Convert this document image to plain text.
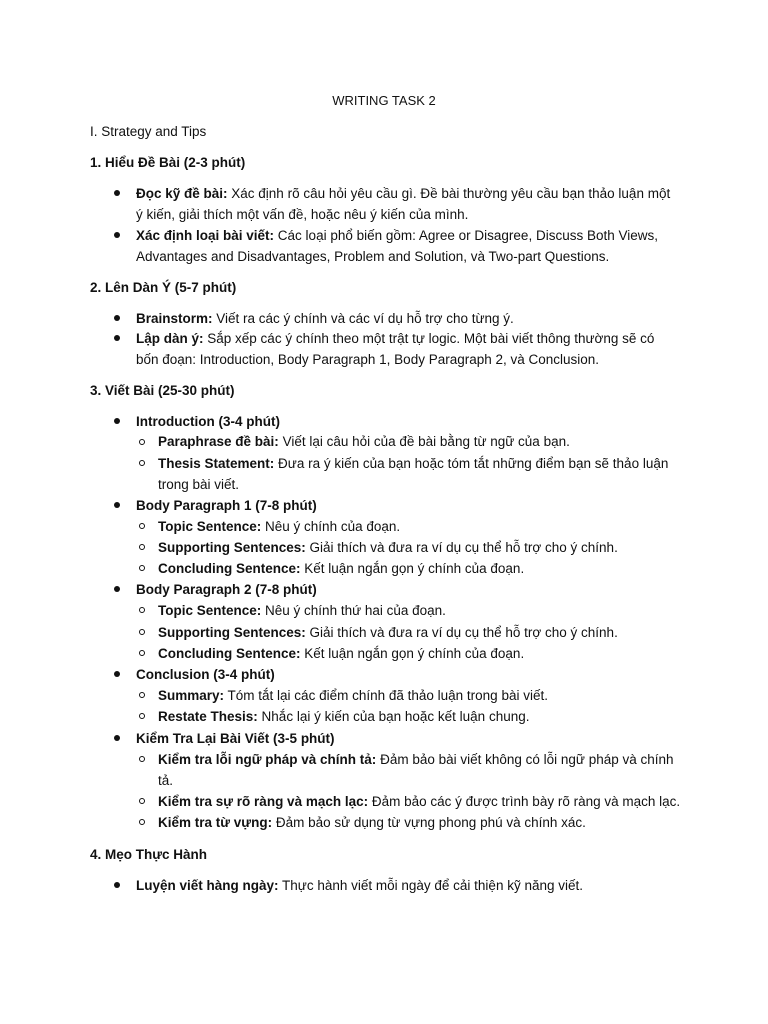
WRITING TASK 2
I. Strategy and Tips
1. Hiểu Đề Bài (2-3 phút)
Đọc kỹ đề bài: Xác định rõ câu hỏi yêu cầu gì. Đề bài thường yêu cầu bạn thảo luận một
ý kiến, giải thích một vấn đề, hoặc nêu ý kiến của mình.
Xác định loại bài viết: Các loại phổ biến gồm: Agree or Disagree, Discuss Both Views,
Advantages and Disadvantages, Problem and Solution, và Two-part Questions.
2. Lên Dàn Ý (5-7 phút)
Brainstorm: Viết ra các ý chính và các ví dụ hỗ trợ cho từng ý.
Lập dàn ý: Sắp xếp các ý chính theo một trật tự logic. Một bài viết thông thường sẽ có
bốn đoạn: Introduction, Body Paragraph 1, Body Paragraph 2, và Conclusion.
3. Viết Bài (25-30 phút)
Introduction (3-4 phút)
Paraphrase đề bài: Viết lại câu hỏi của đề bài bằng từ ngữ của bạn.
Thesis Statement: Đưa ra ý kiến của bạn hoặc tóm tắt những điểm bạn sẽ thảo luận
trong bài viết.
Body Paragraph 1 (7-8 phút)
Topic Sentence: Nêu ý chính của đoạn.
Supporting Sentences: Giải thích và đưa ra ví dụ cụ thể hỗ trợ cho ý chính.
Concluding Sentence: Kết luận ngắn gọn ý chính của đoạn.
Body Paragraph 2 (7-8 phút)
Topic Sentence: Nêu ý chính thứ hai của đoạn.
Supporting Sentences: Giải thích và đưa ra ví dụ cụ thể hỗ trợ cho ý chính.
Concluding Sentence: Kết luận ngắn gọn ý chính của đoạn.
Conclusion (3-4 phút)
Summary: Tóm tắt lại các điểm chính đã thảo luận trong bài viết.
Restate Thesis: Nhắc lại ý kiến của bạn hoặc kết luận chung.
Kiểm Tra Lại Bài Viết (3-5 phút)
Kiểm tra lỗi ngữ pháp và chính tả: Đảm bảo bài viết không có lỗi ngữ pháp và chính
tả.
Kiểm tra sự rõ ràng và mạch lạc: Đảm bảo các ý được trình bày rõ ràng và mạch lạc.
Kiểm tra từ vựng: Đảm bảo sử dụng từ vựng phong phú và chính xác.
4. Mẹo Thực Hành
Luyện viết hàng ngày: Thực hành viết mỗi ngày để cải thiện kỹ năng viết.
